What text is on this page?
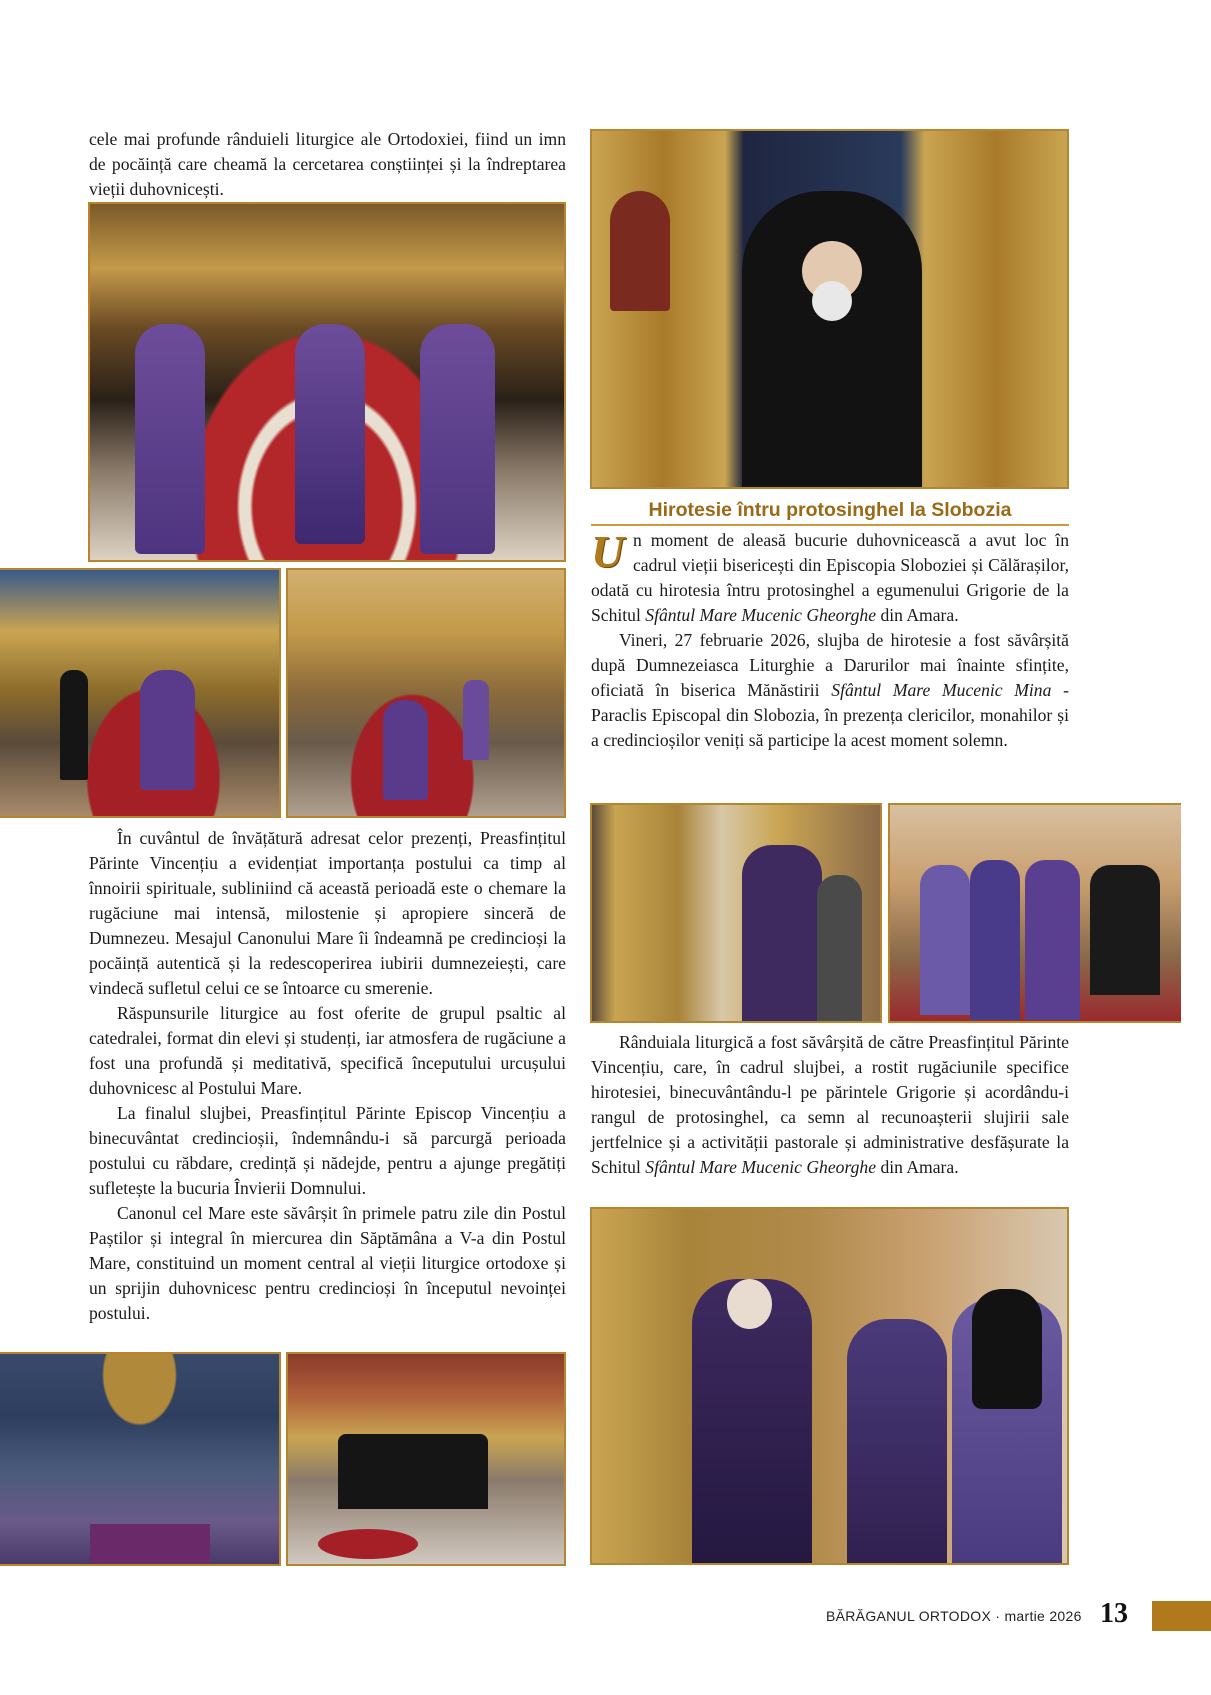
cele mai profunde rânduieli liturgice ale Ortodoxiei, fiind un imn de pocăință care cheamă la cercetarea conștiinței și la îndreptarea vieții duhovnicești.

În cuvântul de învățătură adresat celor prezenți, Preasfințitul Părinte Vincențiu a evidențiat importanța postului ca timp al înnoirii spirituale, subliniind că această perioadă este o chemare la rugăciune mai intensă, milostenie și apropiere sinceră de Dumnezeu. Mesajul Canonului Mare îi îndeamnă pe credincioși la pocăință autentică și la redescoperirea iubirii dumnezeiești, care vindecă sufletul celui ce se întoarce cu smerenie.

Răspunsurile liturgice au fost oferite de grupul psaltic al catedralei, format din elevi și studenți, iar atmosfera de rugăciune a fost una profundă și meditativă, specifică începutului urcușului duhovnicesc al Postului Mare.

La finalul slujbei, Preasfințitul Părinte Episcop Vincențiu a binecuvântat credincioșii, îndemnându-i să parcurgă perioada postului cu răbdare, credință și nădejde, pentru a ajunge pregătiți sufletește la bucuria Învierii Domnului.

Canonul cel Mare este săvârșit în primele patru zile din Postul Paștilor și integral în miercurea din Săptămâna a V-a din Postul Mare, constituind un moment central al vieții liturgice ortodoxe și un sprijin duhovnicesc pentru credincioși în începutul nevoinței postului.

Hirotesie întru protosinghel la Slobozia

Un moment de aleasă bucurie duhovnicească a avut loc în cadrul vieții bisericești din Episcopia Sloboziei și Călărașilor, odată cu hirotesia întru protosinghel a egumenului Grigorie de la Schitul Sfântul Mare Mucenic Gheorghe din Amara.

Vineri, 27 februarie 2026, slujba de hirotesie a fost săvârșită după Dumnezeiasca Liturghie a Darurilor mai înainte sfințite, oficiată în biserica Mănăstirii Sfântul Mare Mucenic Mina - Paraclis Episcopal din Slobozia, în prezența clericilor, monahilor și a credincioșilor veniți să participe la acest moment solemn.

Rânduiala liturgică a fost săvârșită de către Preasfințitul Părinte Vincențiu, care, în cadrul slujbei, a rostit rugăciunile specifice hirotesiei, binecuvântându-l pe părintele Grigorie și acordându-i rangul de protosinghel, ca semn al recunoașterii slujirii sale jertfelnice și a activității pastorale și administrative desfășurate la Schitul Sfântul Mare Mucenic Gheorghe din Amara.

BĂRĂGANUL ORTODOX · martie 2026 13
